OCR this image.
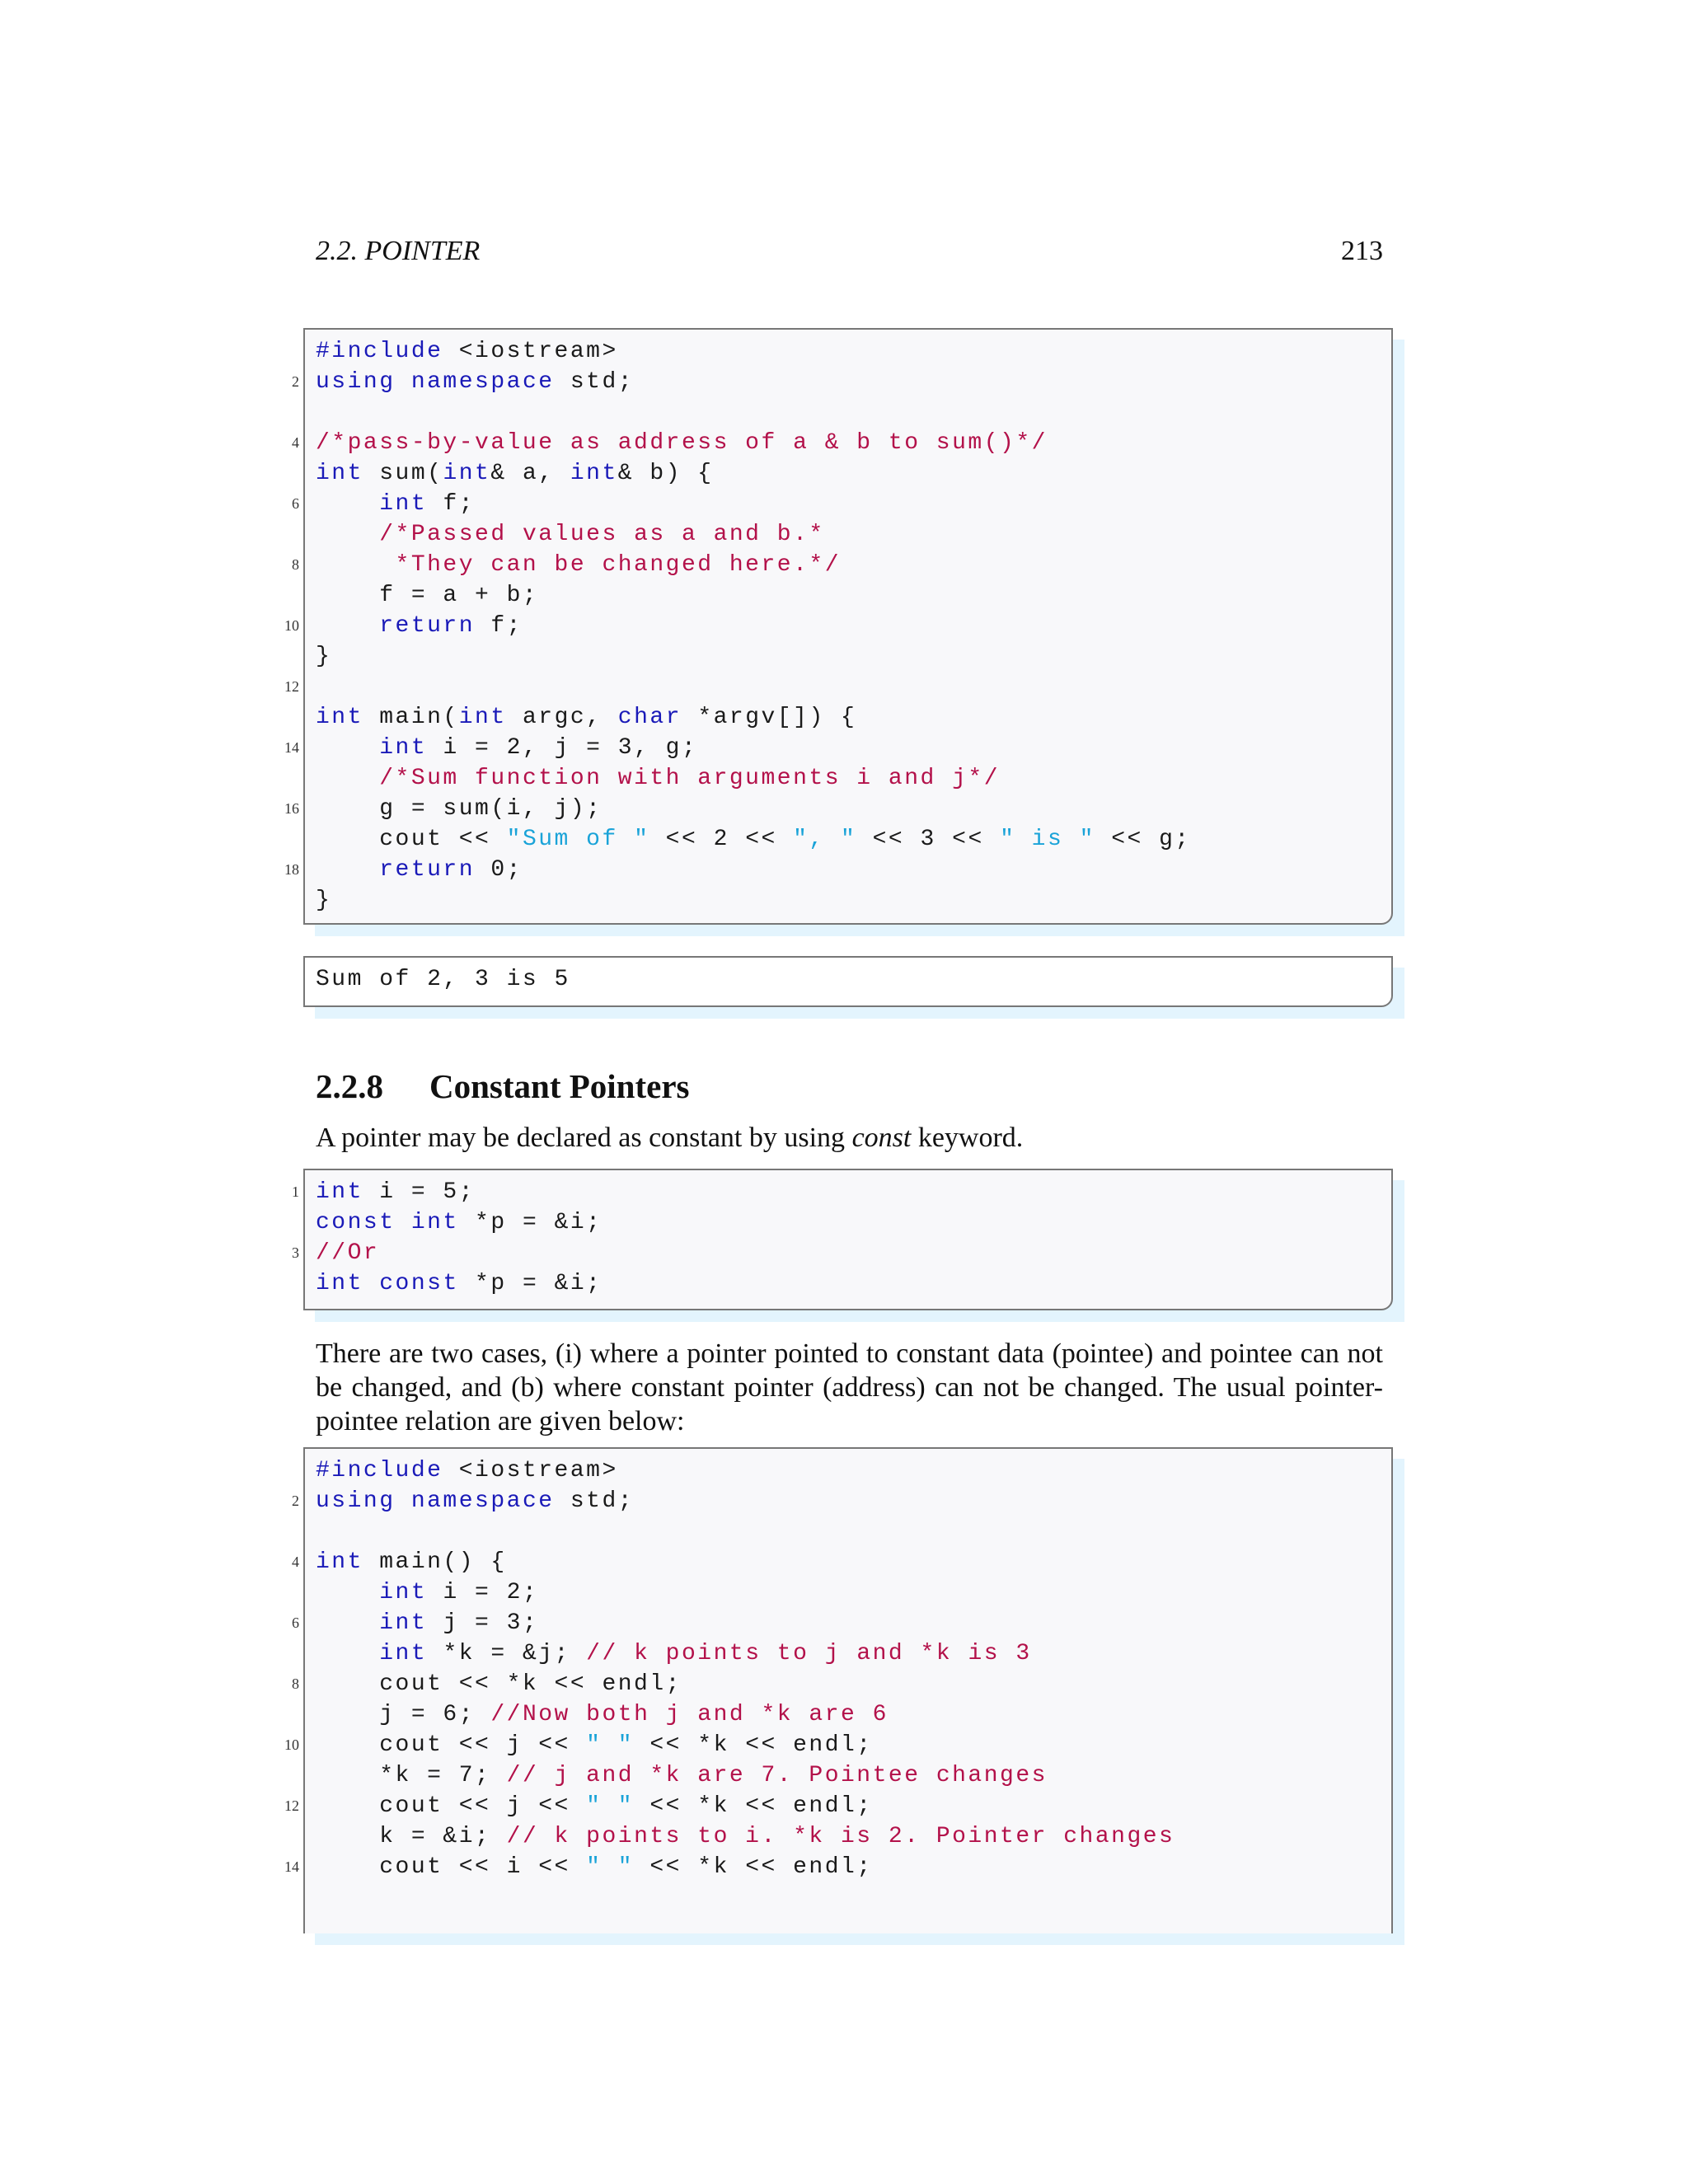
2.2. POINTER	213
#include <iostream>
2 using namespace std;
4 /*pass-by-value as address of a & b to sum()*/
int sum(int& a, int& b) {
6	int f;
/*Passed values as a and b.*
8 *They can be changed here.*/
f = a + b;
10	return f;
}
12
int main(int argc, char *argv[]) {
14	int i = 2, j = 3, g;
/*Sum function with arguments i and j*/
16 g = sum(i, j);
cout << "Sum of " << 2 << ", " << 3 << " is " << g;
18	return 0;
}
Sum of 2, 3 is 5
2.2.8 Constant Pointers
A pointer may be declared as constant by using const keyword.
1 int i = 5;
const int *p = &i;
3 //Or
int const *p = &i;
There are two cases, (i) where a pointer pointed to constant data (pointee) and pointee can not be changed, and (b) where constant pointer (address) can not be changed. The usual pointer-pointee relation are given below:
#include <iostream>
2 using namespace std;
4 int main() {
int i = 2;
6	int j = 3;
int *k = &j; // k points to j and *k is 3
8 cout << *k << endl;
j = 6; //Now both j and *k are 6
10 cout << j << " " << *k << endl;
*k = 7; // j and *k are 7. Pointee changes
12 cout << j << " " << *k << endl;
k = &i; // k points to i. *k is 2. Pointer changes
14 cout << i << " " << *k << endl;
